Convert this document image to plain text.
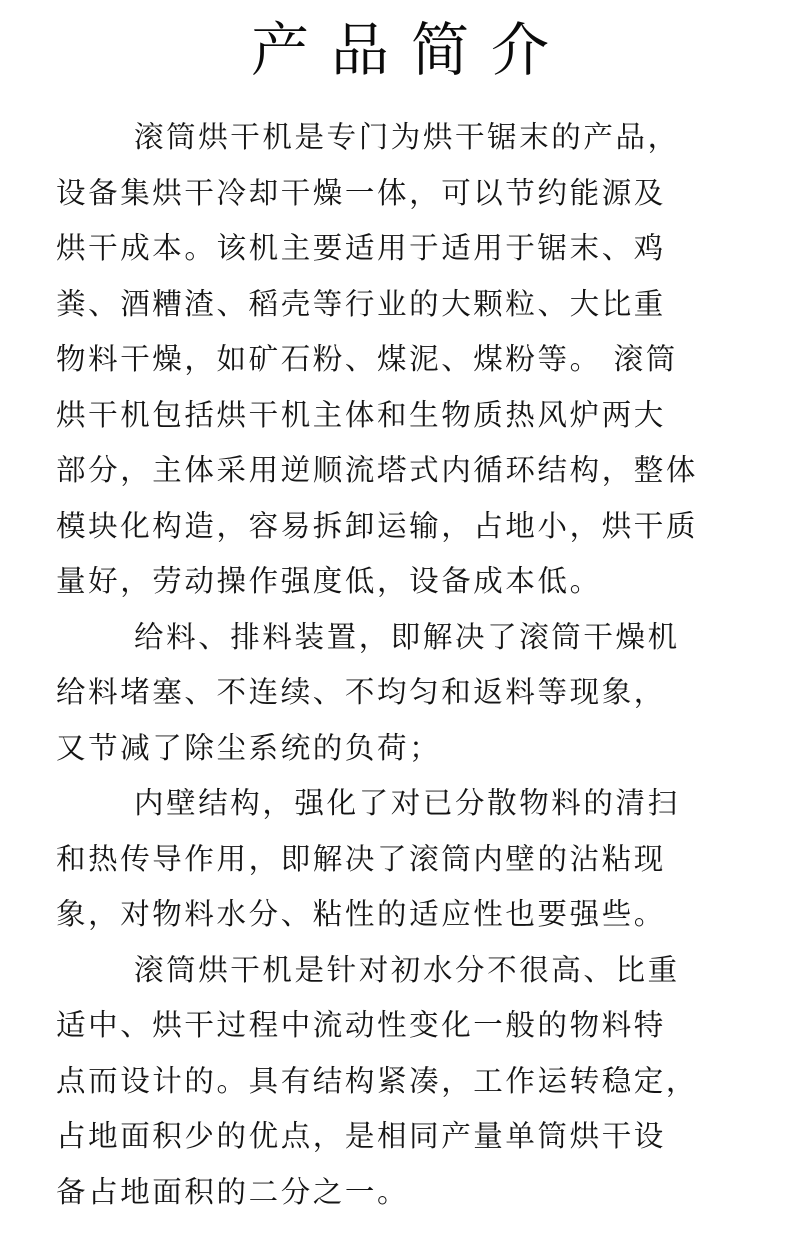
产品简介
滚筒烘干机是专门为烘干锯末的产品，
设备集烘干冷却干燥一体，可以节约能源及
烘干成本。该机主要适用于适用于锯末、鸡
粪、酒糟渣、稻壳等行业的大颗粒、大比重
物料干燥，如矿石粉、煤泥、煤粉等。 滚筒
烘干机包括烘干机主体和生物质热风炉两大
部分，主体采用逆顺流塔式内循环结构，整体
模块化构造，容易拆卸运输，占地小，烘干质
量好，劳动操作强度低，设备成本低。
给料、排料装置，即解决了滚筒干燥机
给料堵塞、不连续、不均匀和返料等现象，
又节减了除尘系统的负荷；
内壁结构，强化了对已分散物料的清扫
和热传导作用，即解决了滚筒内壁的沾粘现
象，对物料水分、粘性的适应性也要强些。
滚筒烘干机是针对初水分不很高、比重
适中、烘干过程中流动性变化一般的物料特
点而设计的。具有结构紧凑，工作运转稳定，
占地面积少的优点，是相同产量单筒烘干设
备占地面积的二分之一。
